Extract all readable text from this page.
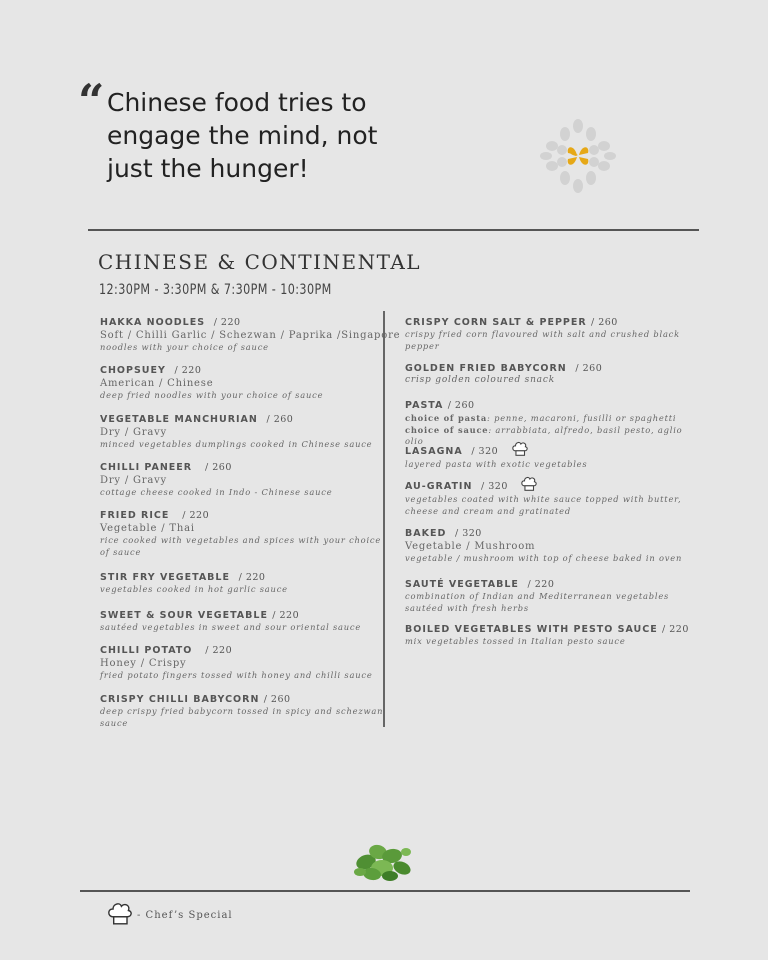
“ Chinese food tries to engage the mind, not just the hunger!
CHINESE & CONTINENTAL
12:30PM - 3:30PM & 7:30PM - 10:30PM
HAKKA NOODLES / 220
Soft / Chilli Garlic / Schezwan / Paprika /Singapore
noodles with your choice of sauce
CHOPSUEY / 220
American / Chinese
deep fried noodles with your choice of sauce
VEGETABLE MANCHURIAN / 260
Dry / Gravy
minced vegetables dumplings cooked in Chinese sauce
CHILLI PANEER / 260
Dry / Gravy
cottage cheese cooked in Indo - Chinese sauce
FRIED RICE / 220
Vegetable / Thai
rice cooked with vegetables and spices with your choice of sauce
STIR FRY VEGETABLE / 220
vegetables cooked in hot garlic sauce
SWEET & SOUR VEGETABLE / 220
sautéed vegetables in sweet and sour oriental sauce
CHILLI POTATO / 220
Honey / Crispy
fried potato fingers tossed with honey and chilli sauce
CRISPY CHILLI BABYCORN / 260
deep crispy fried babycorn tossed in spicy and schezwan sauce
CRISPY CORN SALT & PEPPER / 260
crispy fried corn flavoured with salt and crushed black pepper
GOLDEN FRIED BABYCORN / 260
crisp golden coloured snack
PASTA / 260
choice of pasta: penne, macaroni, fusilli or spaghetti
choice of sauce: arrabbiata, alfredo, basil pesto, aglio olio
LASAGNA / 320
layered pasta with exotic vegetables
AU-GRATIN / 320
vegetables coated with white sauce topped with butter, cheese and cream and gratinated
BAKED / 320
Vegetable / Mushroom
vegetable / mushroom with top of cheese baked in oven
SAUTÉ VEGETABLE / 220
combination of Indian and Mediterranean vegetables sautéed with fresh herbs
BOILED VEGETABLES WITH PESTO SAUCE / 220
mix vegetables tossed in Italian pesto sauce
- Chef’s Special
